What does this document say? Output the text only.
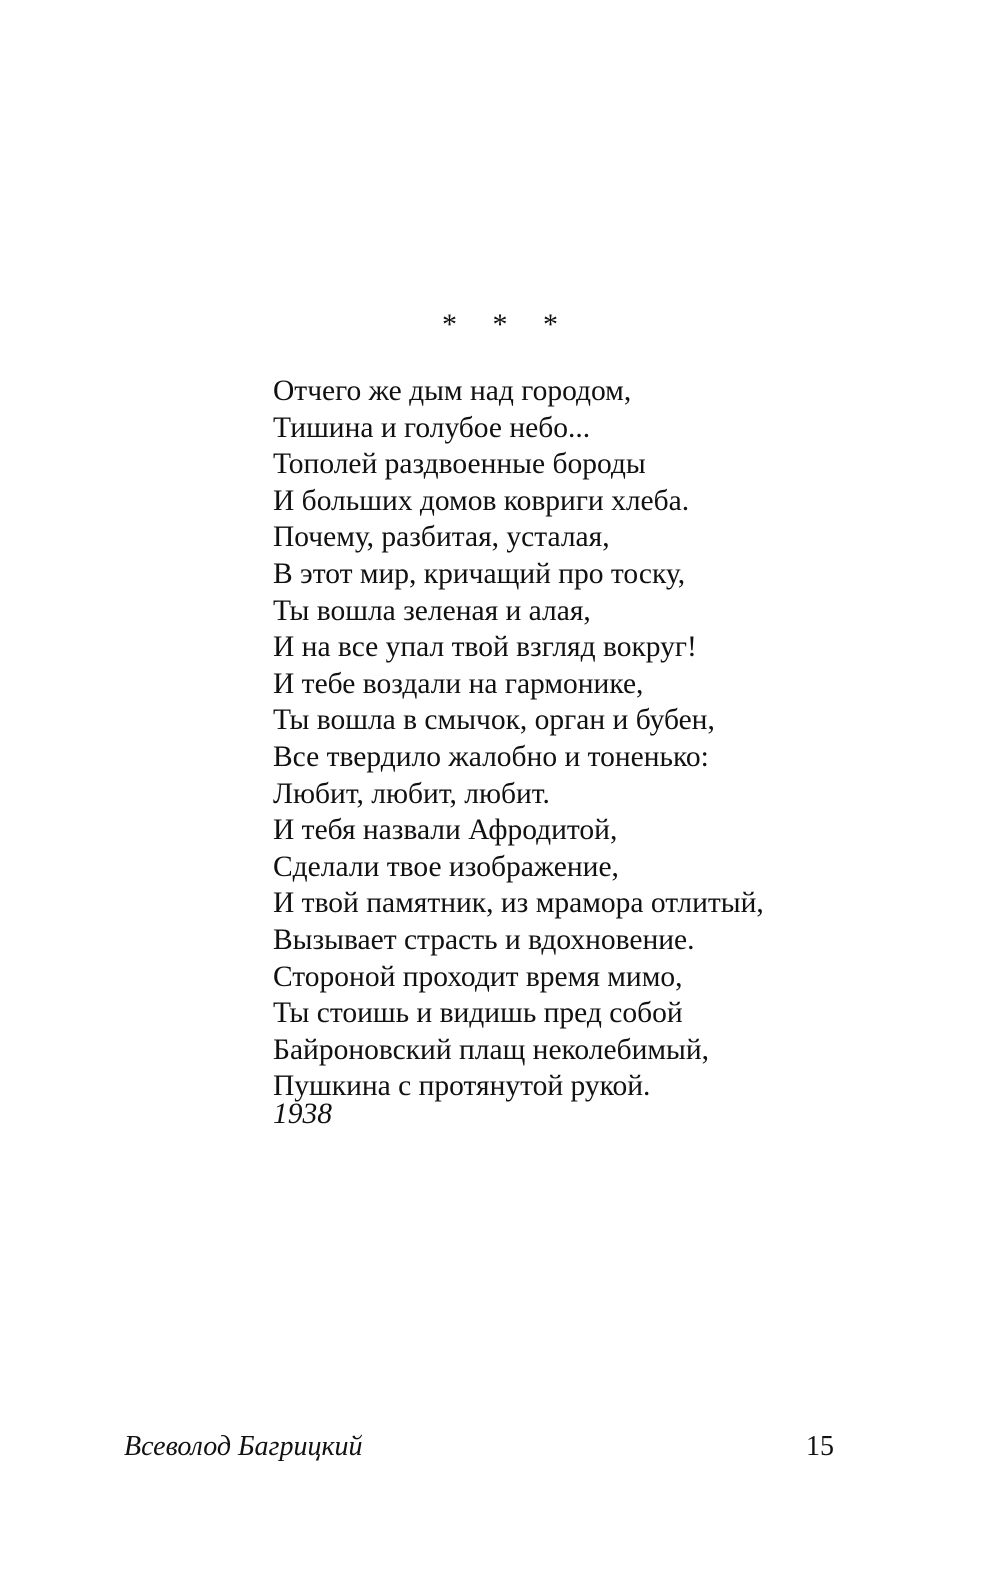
* * *
Отчего же дым над городом,
Тишина и голубое небо...
Тополей раздвоенные бороды
И больших домов ковриги хлеба.
Почему, разбитая, усталая,
В этот мир, кричащий про тоску,
Ты вошла зеленая и алая,
И на все упал твой взгляд вокруг!
И тебе воздали на гармонике,
Ты вошла в смычок, орган и бубен,
Все твердило жалобно и тоненько:
Любит, любит, любит.
И тебя назвали Афродитой,
Сделали твое изображение,
И твой памятник, из мрамора отлитый,
Вызывает страсть и вдохновение.
Стороной проходит время мимо,
Ты стоишь и видишь пред собой
Байроновский плащ неколебимый,
Пушкина с протянутой рукой.
1938
Всеволод Багрицкий	15
